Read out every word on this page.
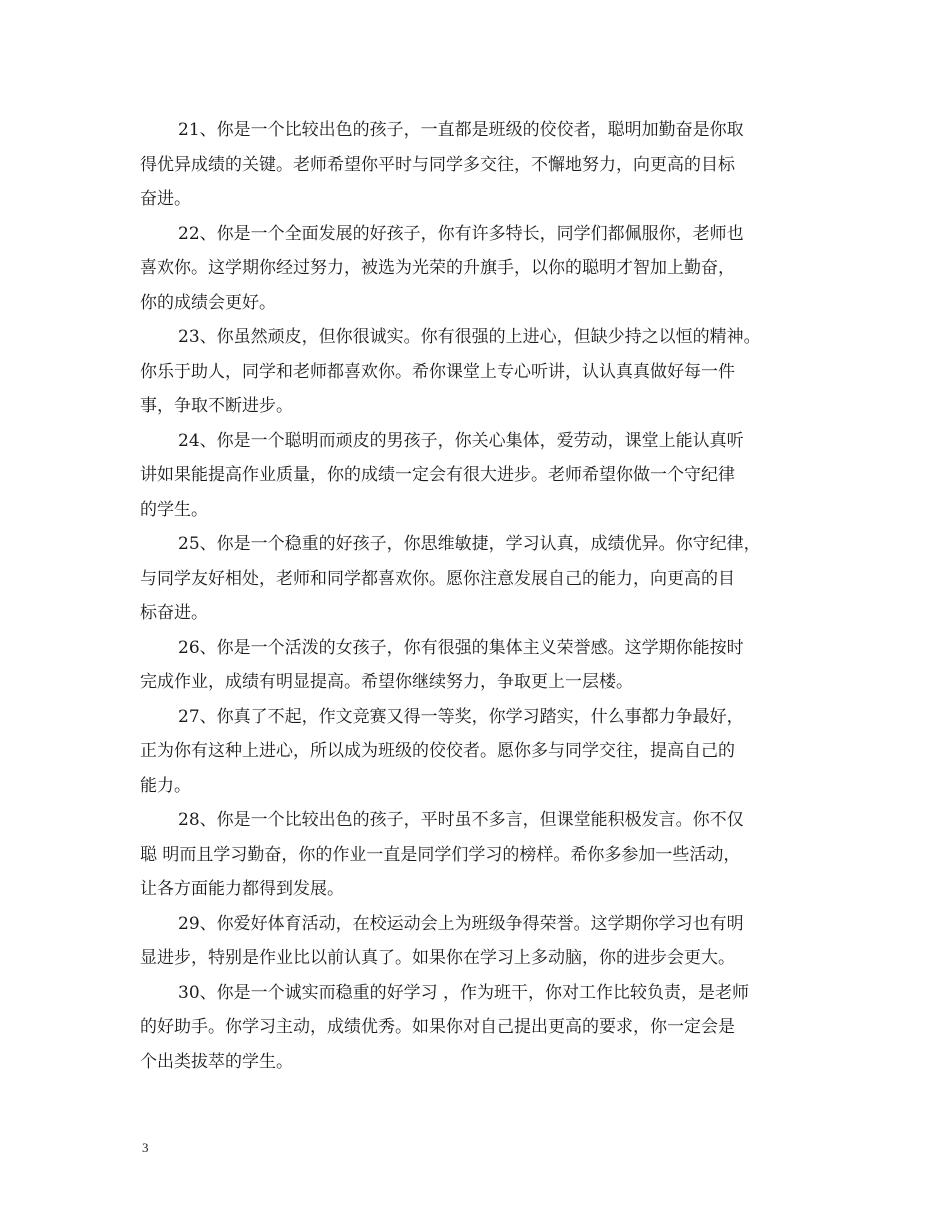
21、你是一个比较出色的孩子，一直都是班级的佼佼者，聪明加勤奋是你取
得优异成绩的关键。老师希望你平时与同学多交往，不懈地努力，向更高的目标
奋进。
22、你是一个全面发展的好孩子，你有许多特长，同学们都佩服你，老师也
喜欢你。这学期你经过努力，被选为光荣的升旗手，以你的聪明才智加上勤奋，
你的成绩会更好。
23、你虽然顽皮，但你很诚实。你有很强的上进心，但缺少持之以恒的精神。
你乐于助人，同学和老师都喜欢你。希你课堂上专心听讲，认认真真做好每一件
事，争取不断进步。
24、你是一个聪明而顽皮的男孩子，你关心集体，爱劳动，课堂上能认真听
讲如果能提高作业质量，你的成绩一定会有很大进步。老师希望你做一个守纪律
的学生。
25、你是一个稳重的好孩子，你思维敏捷，学习认真，成绩优异。你守纪律，
与同学友好相处，老师和同学都喜欢你。愿你注意发展自己的能力，向更高的目
标奋进。
26、你是一个活泼的女孩子，你有很强的集体主义荣誉感。这学期你能按时
完成作业，成绩有明显提高。希望你继续努力，争取更上一层楼。
27、你真了不起，作文竞赛又得一等奖，你学习踏实，什么事都力争最好，
正为你有这种上进心，所以成为班级的佼佼者。愿你多与同学交往，提高自己的
能力。
28、你是一个比较出色的孩子，平时虽不多言，但课堂能积极发言。你不仅
聪 明而且学习勤奋，你的作业一直是同学们学习的榜样。希你多参加一些活动，
让各方面能力都得到发展。
29、你爱好体育活动，在校运动会上为班级争得荣誉。这学期你学习也有明
显进步，特别是作业比以前认真了。如果你在学习上多动脑，你的进步会更大。
30、你是一个诚实而稳重的好学习 ，作为班干，你对工作比较负责，是老师
的好助手。你学习主动，成绩优秀。如果你对自己提出更高的要求，你一定会是
个出类拔萃的学生。
3
